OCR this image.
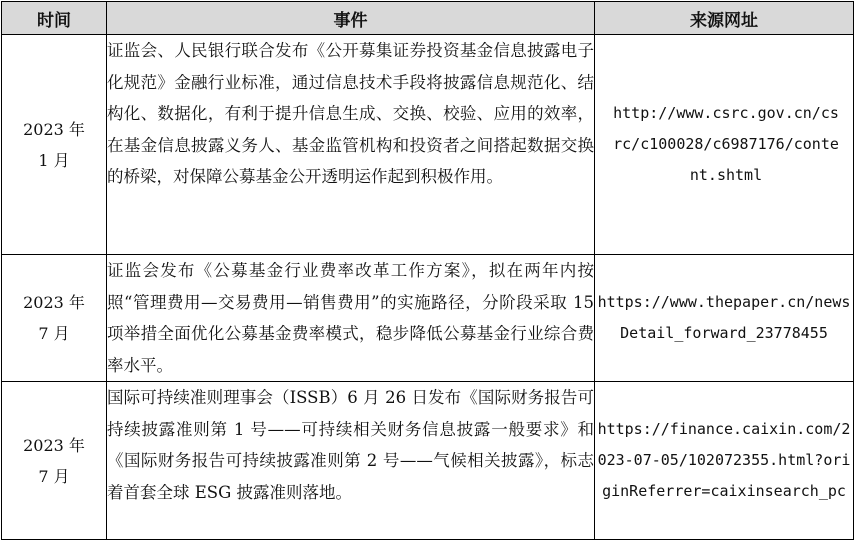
时间	事件	来源网址

2023 年
1 月	证监会、人民银行联合发布《公开募集证券投资基金信息披露电子化规范》金融行业标准，通过信息技术手段将披露信息规范化、结构化、数据化，有利于提升信息生成、交换、校验、应用的效率，在基金信息披露义务人、基金监管机构和投资者之间搭起数据交换的桥梁，对保障公募基金公开透明运作起到积极作用。	http://www.csrc.gov.cn/csrc/c100028/c6987176/content.shtml

2023 年
7 月	证监会发布《公募基金行业费率改革工作方案》，拟在两年内按照“管理费用—交易费用—销售费用”的实施路径，分阶段采取 15 项举措全面优化公募基金费率模式，稳步降低公募基金行业综合费率水平。	https://www.thepaper.cn/newsDetail_forward_23778455

2023 年
7 月	国际可持续准则理事会（ISSB）6 月 26 日发布《国际财务报告可持续披露准则第 1 号——可持续相关财务信息披露一般要求》和《国际财务报告可持续披露准则第 2 号——气候相关披露》，标志着首套全球 ESG 披露准则落地。	https://finance.caixin.com/2023-07-05/102072355.html?originReferrer=caixinsearch_pc
